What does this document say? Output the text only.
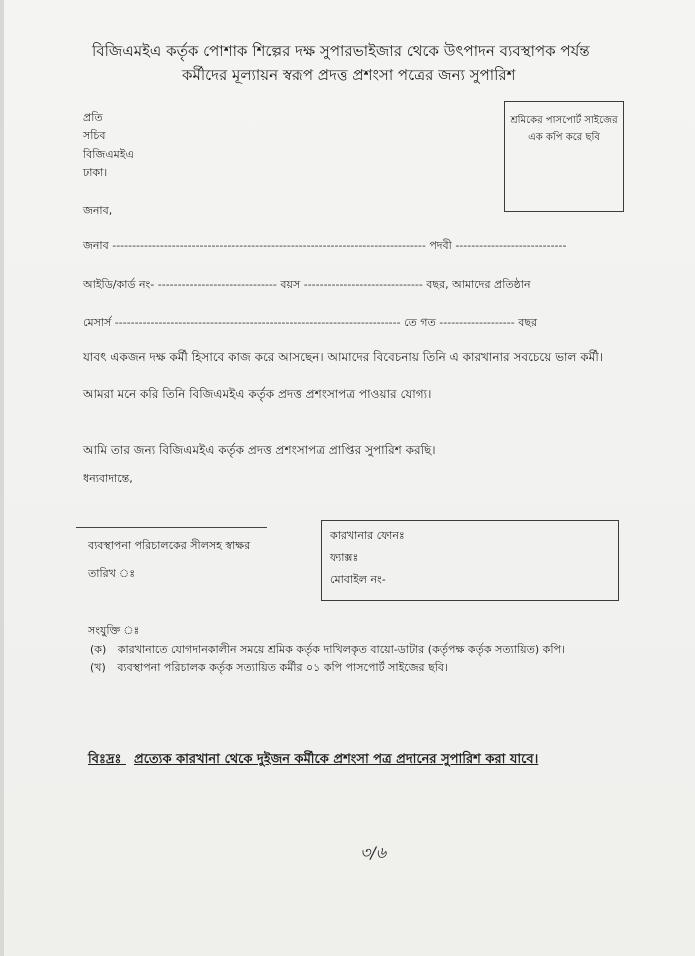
বিজিএমইএ কর্তৃক পোশাক শিল্পের দক্ষ সুপারভাইজার থেকে উৎপাদন ব্যবস্থাপক পর্যন্ত
কর্মীদের মূল্যায়ন স্বরূপ প্রদত্ত প্রশংসা পত্রের জন্য সুপারিশ
প্রতি
সচিব
বিজিএমইএ
ঢাকা।
শ্রমিকের পাসপোর্ট সাইজের এক কপি করে ছবি
জনাব,
জনাব ------------------------------------------------------------------------------- পদবী ----------------------------
আইডি/কার্ড নং- ------------------------------ বয়স ------------------------------ বছর, আমাদের প্রতিষ্ঠান
মেসার্স ------------------------------------------------------------------------ তে গত ------------------- বছর
যাবৎ একজন দক্ষ কর্মী হিসাবে কাজ করে আসছেন। আমাদের বিবেচনায় তিনি এ কারখানার সবচেয়ে ভাল কর্মী।
আমরা মনে করি তিনি বিজিএমইএ কর্তৃক প্রদত্ত প্রশংসাপত্র পাওয়ার যোগ্য।
আমি তার জন্য বিজিএমইএ কর্তৃক প্রদত্ত প্রশংসাপত্র প্রাপ্তির সুপারিশ করছি।
ধন্যবাদান্তে,
ব্যবস্থাপনা পরিচালকের সীলসহ স্বাক্ষর
তারিখ ঃ
কারখানার ফোনঃ
ফ্যাক্সঃ
মোবাইল নং-
সংযুক্তি ঃ
(ক) কারখানাতে যোগদানকালীন সময়ে শ্রমিক কর্তৃক দাখিলকৃত বায়ো-ডাটার (কর্তৃপক্ষ কর্তৃক সত্যায়িত) কপি।
(খ) ব্যবস্থাপনা পরিচালক কর্তৃক সত্যায়িত কর্মীর ০১ কপি পাসপোর্ট সাইজের ছবি।
বিঃদ্রঃ প্রত্যেক কারখানা থেকে দুইজন কর্মীকে প্রশংসা পত্র প্রদানের সুপারিশ করা যাবে।
৩/৬
